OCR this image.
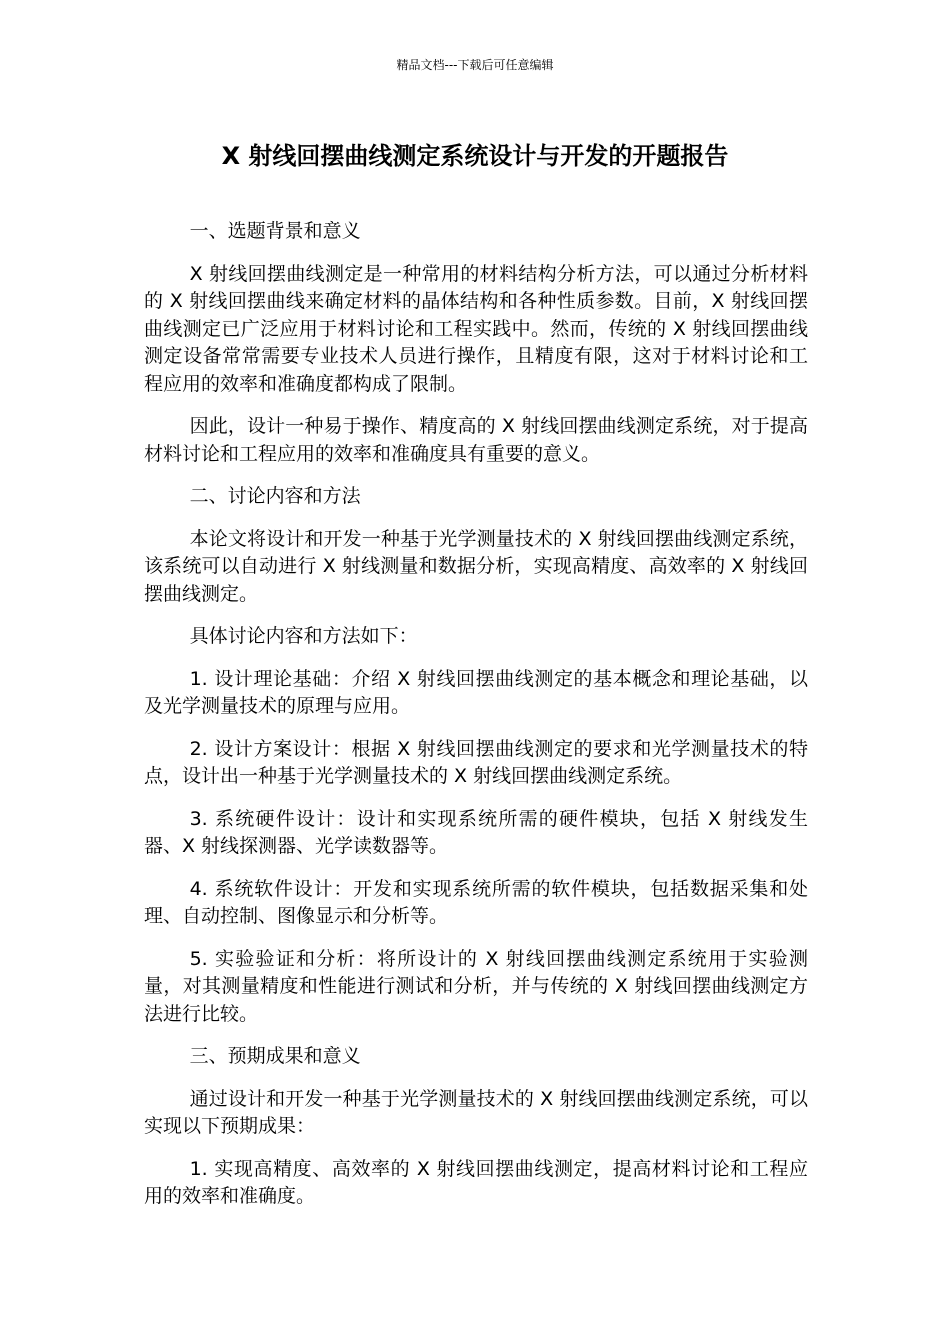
精品文档---下载后可任意编辑
X 射线回摆曲线测定系统设计与开发的开题报告

一、选题背景和意义

X 射线回摆曲线测定是一种常用的材料结构分析方法，可以通过分析材料的 X 射线回摆曲线来确定材料的晶体结构和各种性质参数。目前，X 射线回摆曲线测定已广泛应用于材料讨论和工程实践中。然而，传统的 X 射线回摆曲线测定设备常常需要专业技术人员进行操作，且精度有限，这对于材料讨论和工程应用的效率和准确度都构成了限制。

因此，设计一种易于操作、精度高的 X 射线回摆曲线测定系统，对于提高材料讨论和工程应用的效率和准确度具有重要的意义。

二、讨论内容和方法

本论文将设计和开发一种基于光学测量技术的 X 射线回摆曲线测定系统，该系统可以自动进行 X 射线测量和数据分析，实现高精度、高效率的 X 射线回摆曲线测定。

具体讨论内容和方法如下：

1. 设计理论基础：介绍 X 射线回摆曲线测定的基本概念和理论基础，以及光学测量技术的原理与应用。

2. 设计方案设计：根据 X 射线回摆曲线测定的要求和光学测量技术的特点，设计出一种基于光学测量技术的 X 射线回摆曲线测定系统。

3. 系统硬件设计：设计和实现系统所需的硬件模块，包括 X 射线发生器、X 射线探测器、光学读数器等。

4. 系统软件设计：开发和实现系统所需的软件模块，包括数据采集和处理、自动控制、图像显示和分析等。

5. 实验验证和分析：将所设计的 X 射线回摆曲线测定系统用于实验测量，对其测量精度和性能进行测试和分析，并与传统的 X 射线回摆曲线测定方法进行比较。

三、预期成果和意义

通过设计和开发一种基于光学测量技术的 X 射线回摆曲线测定系统，可以实现以下预期成果：

1. 实现高精度、高效率的 X 射线回摆曲线测定，提高材料讨论和工程应用的效率和准确度。
